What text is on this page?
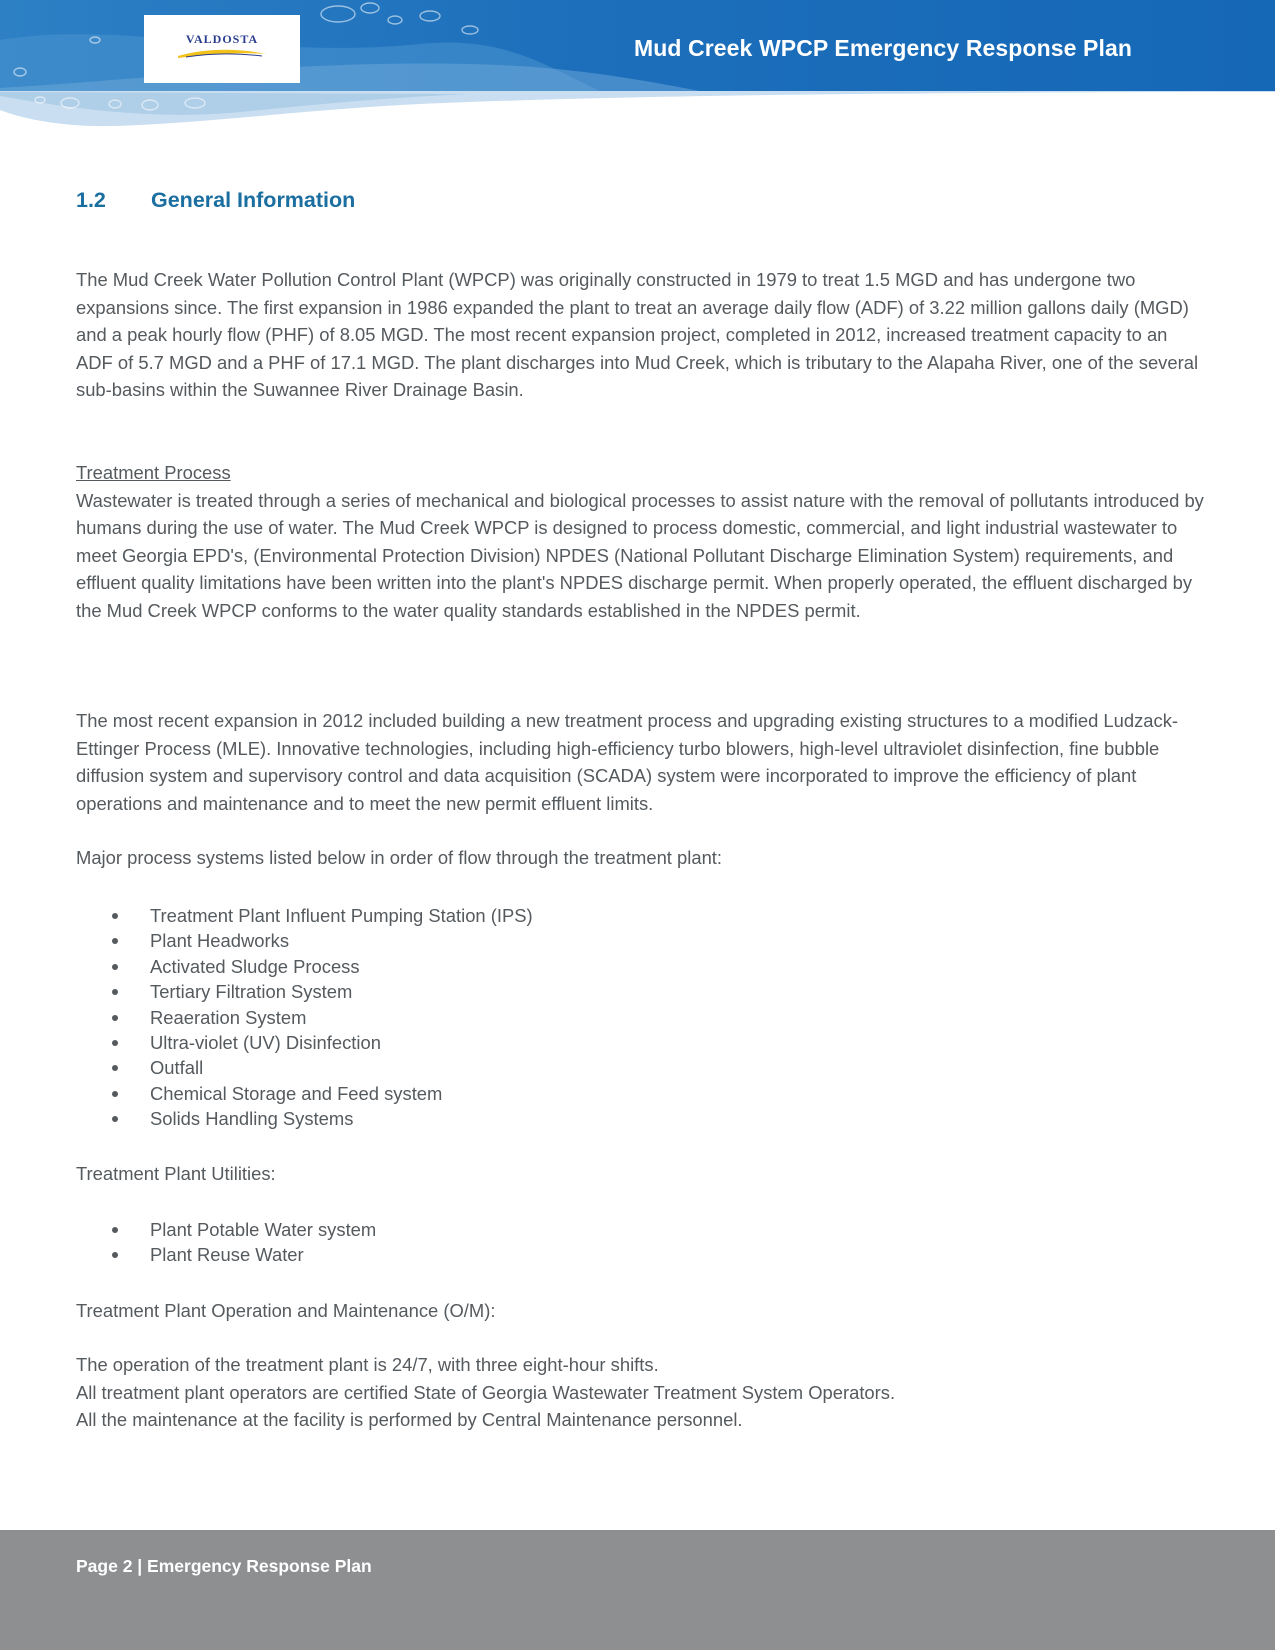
VALDOSTA	Mud Creek WPCP Emergency Response Plan
1.2 General Information

The Mud Creek Water Pollution Control Plant (WPCP) was originally constructed in 1979 to treat 1.5 MGD and has undergone two expansions since. The first expansion in 1986 expanded the plant to treat an average daily flow (ADF) of 3.22 million gallons daily (MGD) and a peak hourly flow (PHF) of 8.05 MGD. The most recent expansion project, completed in 2012, increased treatment capacity to an ADF of 5.7 MGD and a PHF of 17.1 MGD. The plant discharges into Mud Creek, which is tributary to the Alapaha River, one of the several sub-basins within the Suwannee River Drainage Basin.

Treatment Process
Wastewater is treated through a series of mechanical and biological processes to assist nature with the removal of pollutants introduced by humans during the use of water. The Mud Creek WPCP is designed to process domestic, commercial, and light industrial wastewater to meet Georgia EPD's, (Environmental Protection Division) NPDES (National Pollutant Discharge Elimination System) requirements, and effluent quality limitations have been written into the plant's NPDES discharge permit. When properly operated, the effluent discharged by the Mud Creek WPCP conforms to the water quality standards established in the NPDES permit.

The most recent expansion in 2012 included building a new treatment process and upgrading existing structures to a modified Ludzack-Ettinger Process (MLE). Innovative technologies, including high-efficiency turbo blowers, high-level ultraviolet disinfection, fine bubble diffusion system and supervisory control and data acquisition (SCADA) system were incorporated to improve the efficiency of plant operations and maintenance and to meet the new permit effluent limits.

Major process systems listed below in order of flow through the treatment plant:

Treatment Plant Influent Pumping Station (IPS)
Plant Headworks
Activated Sludge Process
Tertiary Filtration System
Reaeration System
Ultra-violet (UV) Disinfection
Outfall
Chemical Storage and Feed system
Solids Handling Systems

Treatment Plant Utilities:

Plant Potable Water system
Plant Reuse Water

Treatment Plant Operation and Maintenance (O/M):

The operation of the treatment plant is 24/7, with three eight-hour shifts.
All treatment plant operators are certified State of Georgia Wastewater Treatment System Operators.
All the maintenance at the facility is performed by Central Maintenance personnel.
Page 2 | Emergency Response Plan
